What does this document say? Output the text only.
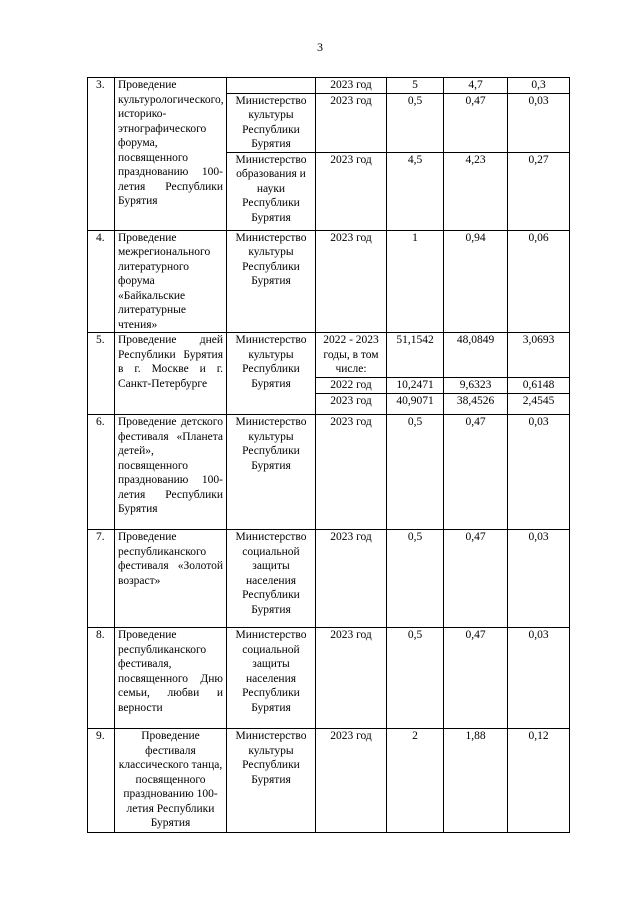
3
3.	Проведение культурологического, историко-этнографического форума, посвященного празднованию 100-летия Республики Бурятия		2023 год	5	4,7	0,3
		Министерство культуры Республики Бурятия	2023 год	0,5	0,47	0,03
		Министерство образования и науки Республики Бурятия	2023 год	4,5	4,23	0,27
4.	Проведение межрегионального литературного форума «Байкальские литературные чтения»	Министерство культуры Республики Бурятия	2023 год	1	0,94	0,06
5.	Проведение дней Республики Бурятия в г. Москве и г. Санкт-Петербурге	Министерство культуры Республики Бурятия	2022 - 2023 годы, в том числе:	51,1542	48,0849	3,0693
			2022 год	10,2471	9,6323	0,6148
			2023 год	40,9071	38,4526	2,4545
6.	Проведение детского фестиваля «Планета детей», посвященного празднованию 100-летия Республики Бурятия	Министерство культуры Республики Бурятия	2023 год	0,5	0,47	0,03
7.	Проведение республиканского фестиваля «Золотой возраст»	Министерство социальной защиты населения Республики Бурятия	2023 год	0,5	0,47	0,03
8.	Проведение республиканского фестиваля, посвященного Дню семьи, любви и верности	Министерство социальной защиты населения Республики Бурятия	2023 год	0,5	0,47	0,03
9.	Проведение фестиваля классического танца, посвященного празднованию 100-летия Республики Бурятия	Министерство культуры Республики Бурятия	2023 год	2	1,88	0,12
